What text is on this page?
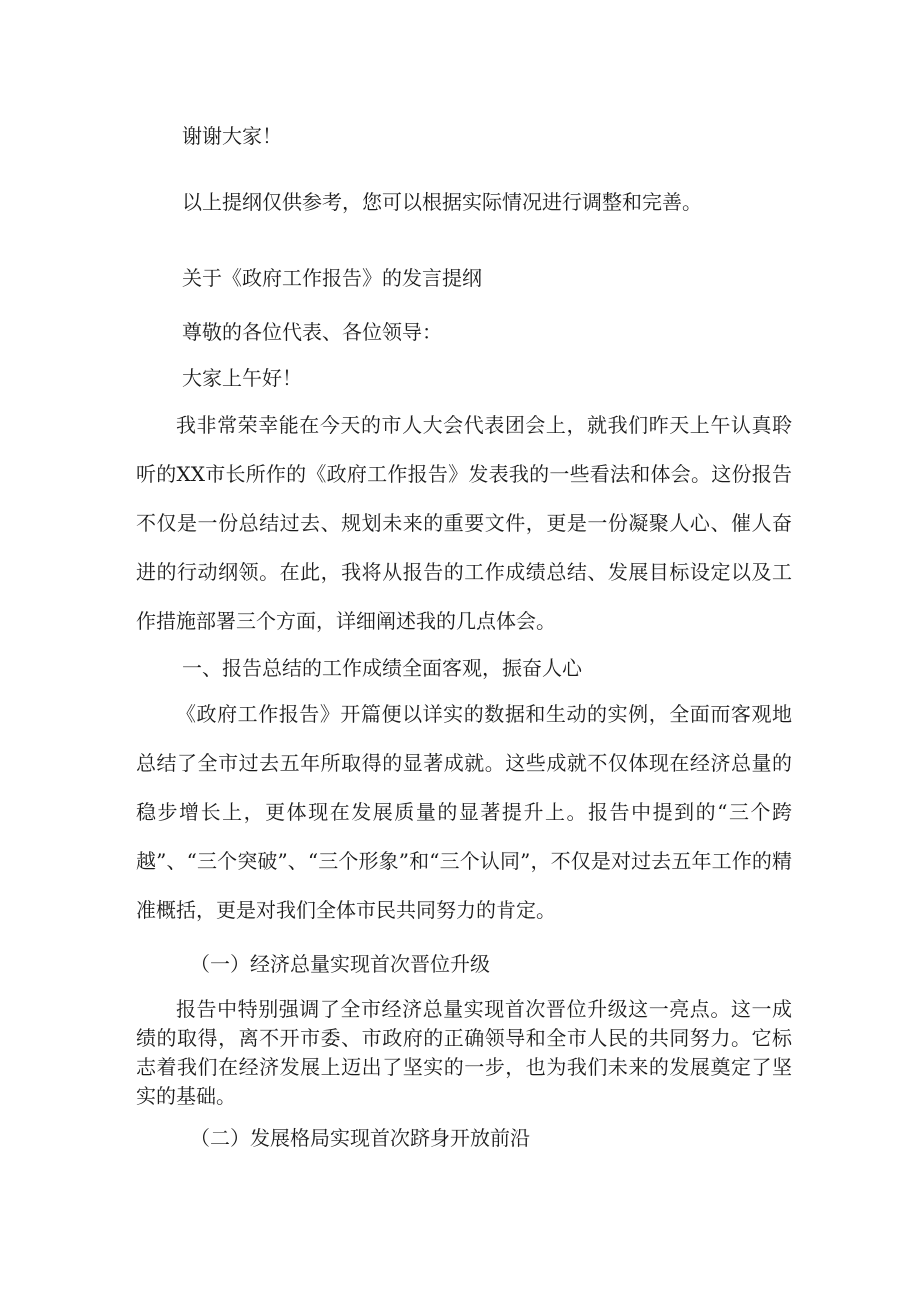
谢谢大家！
以上提纲仅供参考，您可以根据实际情况进行调整和完善。
关于《政府工作报告》的发言提纲
尊敬的各位代表、各位领导：
大家上午好！

我非常荣幸能在今天的市人大会代表团会上，就我们昨天上午认真聆听的XX市长所作的《政府工作报告》发表我的一些看法和体会。这份报告不仅是一份总结过去、规划未来的重要文件，更是一份凝聚人心、催人奋进的行动纲领。在此，我将从报告的工作成绩总结、发展目标设定以及工作措施部署三个方面，详细阐述我的几点体会。

一、报告总结的工作成绩全面客观，振奋人心

《政府工作报告》开篇便以详实的数据和生动的实例，全面而客观地总结了全市过去五年所取得的显著成就。这些成就不仅体现在经济总量的稳步增长上，更体现在发展质量的显著提升上。报告中提到的“三个跨越”、“三个突破”、“三个形象”和“三个认同”，不仅是对过去五年工作的精准概括，更是对我们全体市民共同努力的肯定。

（一）经济总量实现首次晋位升级

报告中特别强调了全市经济总量实现首次晋位升级这一亮点。这一成绩的取得，离不开市委、市政府的正确领导和全市人民的共同努力。它标志着我们在经济发展上迈出了坚实的一步，也为我们未来的发展奠定了坚实的基础。

（二）发展格局实现首次跻身开放前沿
